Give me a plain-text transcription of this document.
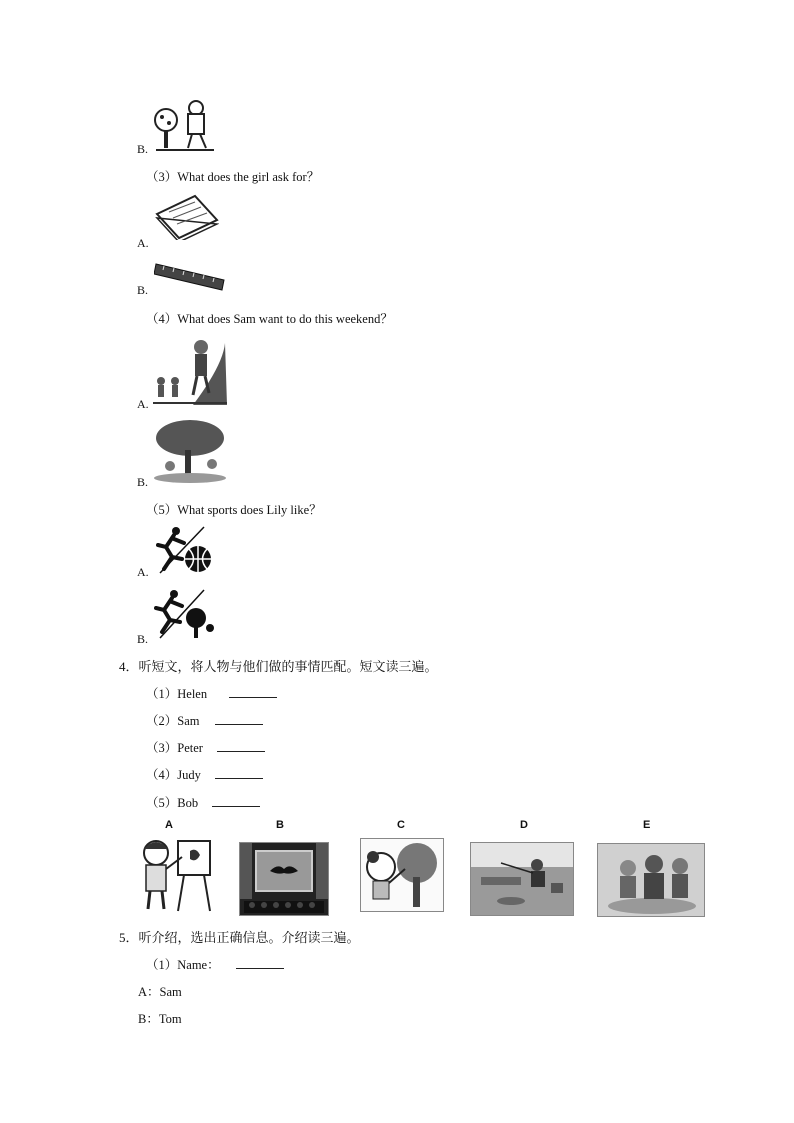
B.
（3）What does the girl ask for？
A.
B.
（4）What does Sam want to do this weekend？
A.
B.
（5）What sports does Lily like？
A.
B.
4．听短文，将人物与他们做的事情匹配。短文读三遍。
（1）Helen
（2）Sam
（3）Peter
（4）Judy
（5）Bob
A	B	C	D	E
5．听介绍，选出正确信息。介绍读三遍。
（1）Name：
A：Sam
B：Tom
